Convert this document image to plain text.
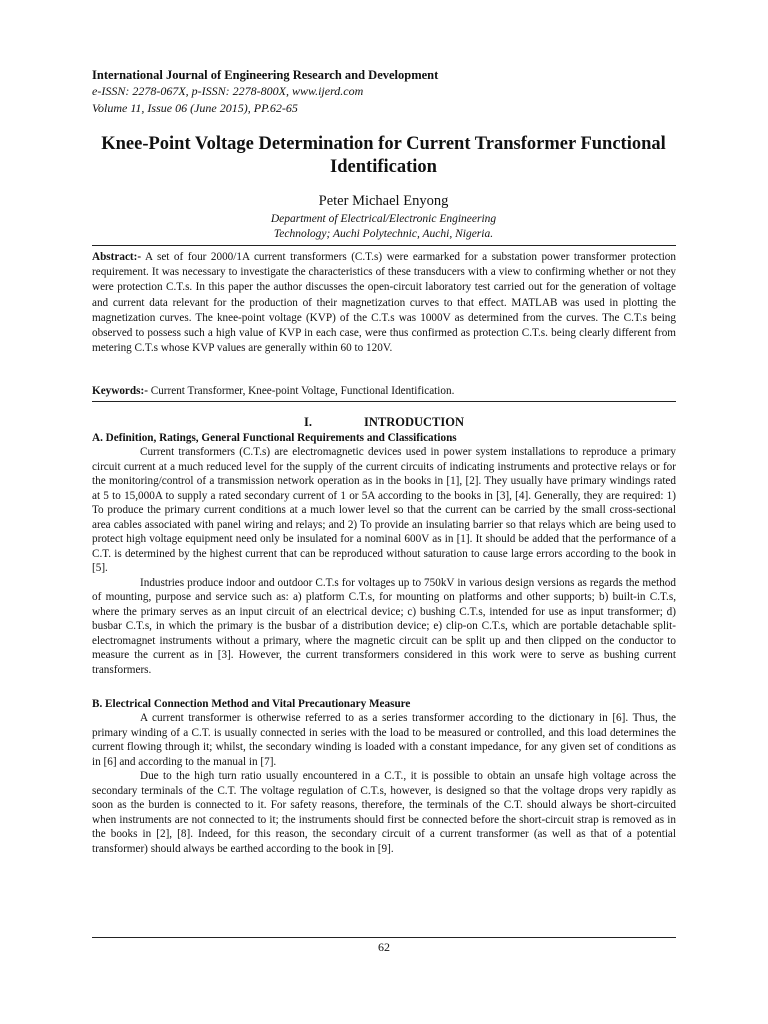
International Journal of Engineering Research and Development
e-ISSN: 2278-067X, p-ISSN: 2278-800X, www.ijerd.com
Volume 11, Issue 06 (June 2015), PP.62-65
Knee-Point Voltage Determination for Current Transformer Functional Identification
Peter Michael Enyong
Department of Electrical/Electronic Engineering
Technology; Auchi Polytechnic, Auchi, Nigeria.
Abstract:- A set of four 2000/1A current transformers (C.T.s) were earmarked for a substation power transformer protection requirement. It was necessary to investigate the characteristics of these transducers with a view to confirming whether or not they were protection C.T.s. In this paper the author discusses the open-circuit laboratory test carried out for the generation of voltage and current data relevant for the production of their magnetization curves to that effect. MATLAB was used in plotting the magnetization curves. The knee-point voltage (KVP) of the C.T.s was 1000V as determined from the curves. The C.T.s being observed to possess such a high value of KVP in each case, were thus confirmed as protection C.T.s. being clearly different from metering C.T.s whose KVP values are generally within 60 to 120V.
Keywords:- Current Transformer, Knee-point Voltage, Functional Identification.
I.	INTRODUCTION
A. Definition, Ratings, General Functional Requirements and Classifications

Current transformers (C.T.s) are electromagnetic devices used in power system installations to reproduce a primary circuit current at a much reduced level for the supply of the current circuits of indicating instruments and protective relays or for the monitoring/control of a transmission network operation as in the books in [1], [2]. They usually have primary windings rated at 5 to 15,000A to supply a rated secondary current of 1 or 5A according to the books in [3], [4]. Generally, they are required: 1) To produce the primary current conditions at a much lower level so that the current can be carried by the small cross-sectional area cables associated with panel wiring and relays; and 2) To provide an insulating barrier so that relays which are being used to protect high voltage equipment need only be insulated for a nominal 600V as in [1]. It should be added that the performance of a C.T. is determined by the highest current that can be reproduced without saturation to cause large errors according to the book in [5].

Industries produce indoor and outdoor C.T.s for voltages up to 750kV in various design versions as regards the method of mounting, purpose and service such as: a) platform C.T.s, for mounting on platforms and other supports; b) built-in C.T.s, where the primary serves as an input circuit of an electrical device; c) bushing C.T.s, intended for use as input transformer; d) busbar C.T.s, in which the primary is the busbar of a distribution device; e) clip-on C.T.s, which are portable detachable split-electromagnet instruments without a primary, where the magnetic circuit can be split up and then clipped on the conductor to measure the current as in [3]. However, the current transformers considered in this work were to serve as bushing current transformers.

B. Electrical Connection Method and Vital Precautionary Measure

A current transformer is otherwise referred to as a series transformer according to the dictionary in [6]. Thus, the primary winding of a C.T. is usually connected in series with the load to be measured or controlled, and this load determines the current flowing through it; whilst, the secondary winding is loaded with a constant impedance, for any given set of conditions as in [6] and according to the manual in [7].

Due to the high turn ratio usually encountered in a C.T., it is possible to obtain an unsafe high voltage across the secondary terminals of the C.T. The voltage regulation of C.T.s, however, is designed so that the voltage drops very rapidly as soon as the burden is connected to it. For safety reasons, therefore, the terminals of the C.T. should always be short-circuited when instruments are not connected to it; the instruments should first be connected before the short-circuit strap is removed as in the books in [2], [8]. Indeed, for this reason, the secondary circuit of a current transformer (as well as that of a potential transformer) should always be earthed according to the book in [9].

62
